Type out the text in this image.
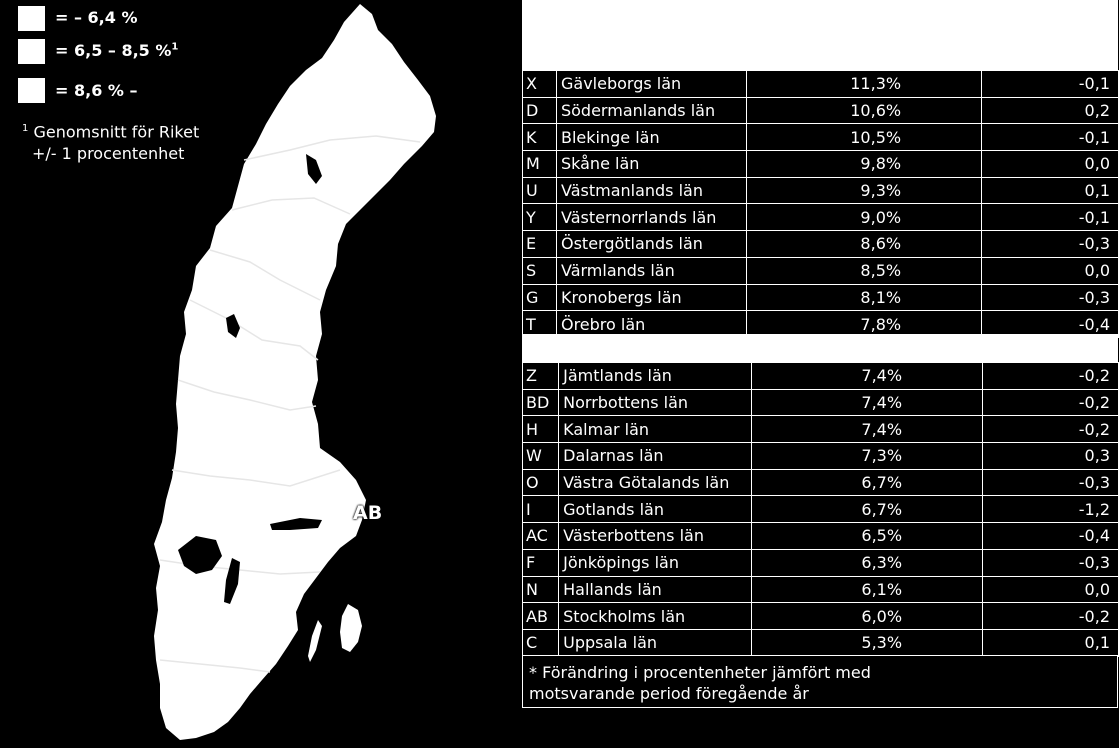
= – 6,4 %
= 6,5 – 8,5 %$^1$
= 8,6 % –
$^1$ Genomsnitt för Riket
+/- 1 procentenhet
AB
X	Gävleborgs län	11,3%	-0,1
D	Södermanlands län	10,6%	0,2
K	Blekinge län	10,5%	-0,1
M	Skåne län	9,8%	0,0
U	Västmanlands län	9,3%	0,1
Y	Västernorrlands län	9,0%	-0,1
E	Östergötlands län	8,6%	-0,3
S	Värmlands län	8,5%	0,0
G	Kronobergs län	8,1%	-0,3
T	Örebro län	7,8%	-0,4
Z	Jämtlands län	7,4%	-0,2
BD	Norrbottens län	7,4%	-0,2
H	Kalmar län	7,4%	-0,2
W	Dalarnas län	7,3%	0,3
O	Västra Götalands län	6,7%	-0,3
I	Gotlands län	6,7%	-1,2
AC	Västerbottens län	6,5%	-0,4
F	Jönköpings län	6,3%	-0,3
N	Hallands län	6,1%	0,0
AB	Stockholms län	6,0%	-0,2
C	Uppsala län	5,3%	0,1
* Förändring i procentenheter jämfört med
motsvarande period föregående år
